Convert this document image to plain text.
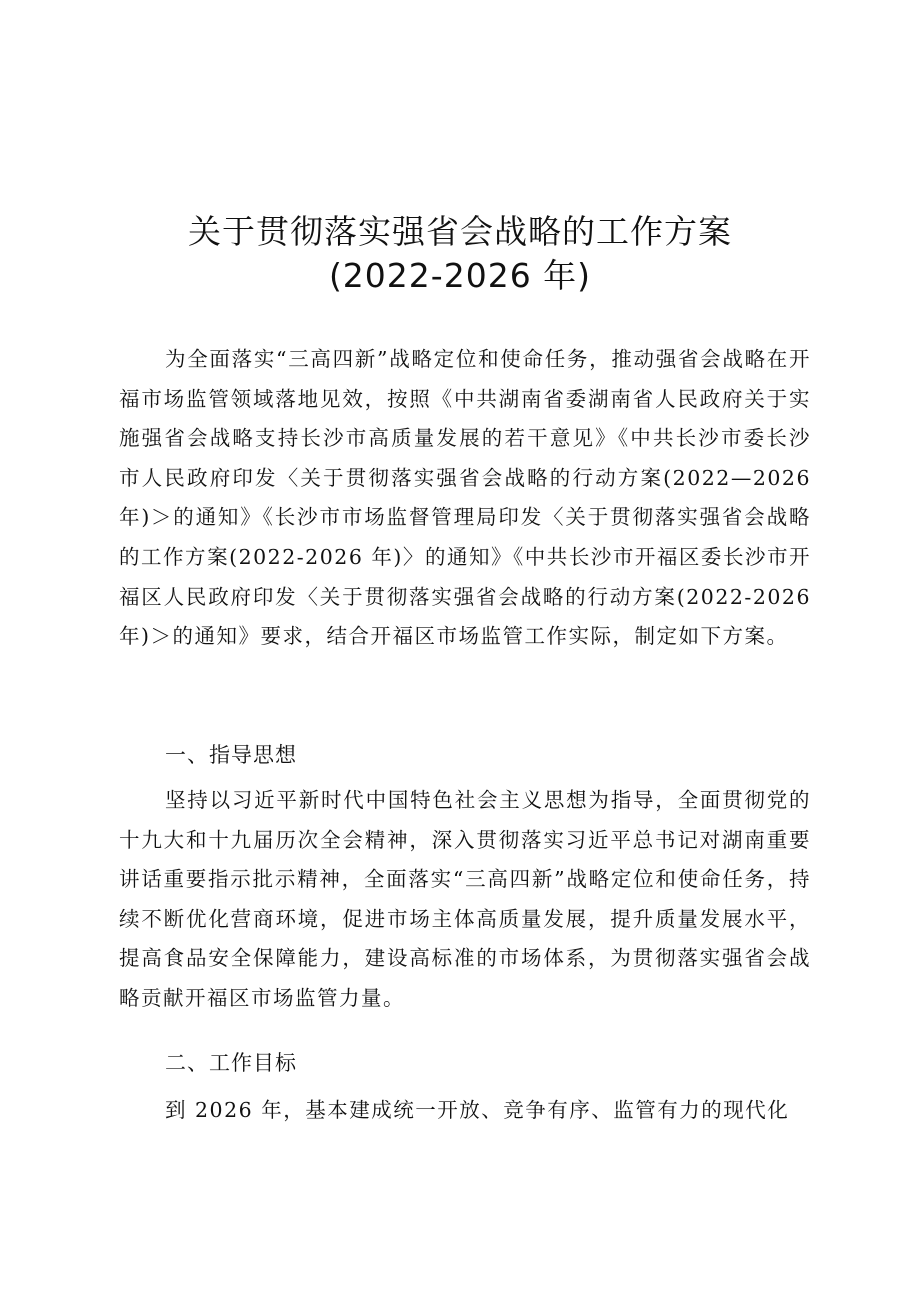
关于贯彻落实强省会战略的工作方案
(2022-2026 年)

为全面落实“三高四新”战略定位和使命任务，推动强省会战略在开福市场监管领域落地见效，按照《中共湖南省委湖南省人民政府关于实施强省会战略支持长沙市高质量发展的若干意见》《中共长沙市委长沙市人民政府印发〈关于贯彻落实强省会战略的行动方案(2022—2026 年)＞的通知》《长沙市市场监督管理局印发〈关于贯彻落实强省会战略的工作方案(2022-2026 年)〉的通知》《中共长沙市开福区委长沙市开福区人民政府印发〈关于贯彻落实强省会战略的行动方案(2022-2026 年)＞的通知》要求，结合开福区市场监管工作实际，制定如下方案。

一、指导思想

坚持以习近平新时代中国特色社会主义思想为指导，全面贯彻党的十九大和十九届历次全会精神，深入贯彻落实习近平总书记对湖南重要讲话重要指示批示精神，全面落实“三高四新”战略定位和使命任务，持续不断优化营商环境，促进市场主体高质量发展，提升质量发展水平，提高食品安全保障能力，建设高标准的市场体系，为贯彻落实强省会战略贡献开福区市场监管力量。

二、工作目标

到 2026 年，基本建成统一开放、竞争有序、监管有力的现代化
